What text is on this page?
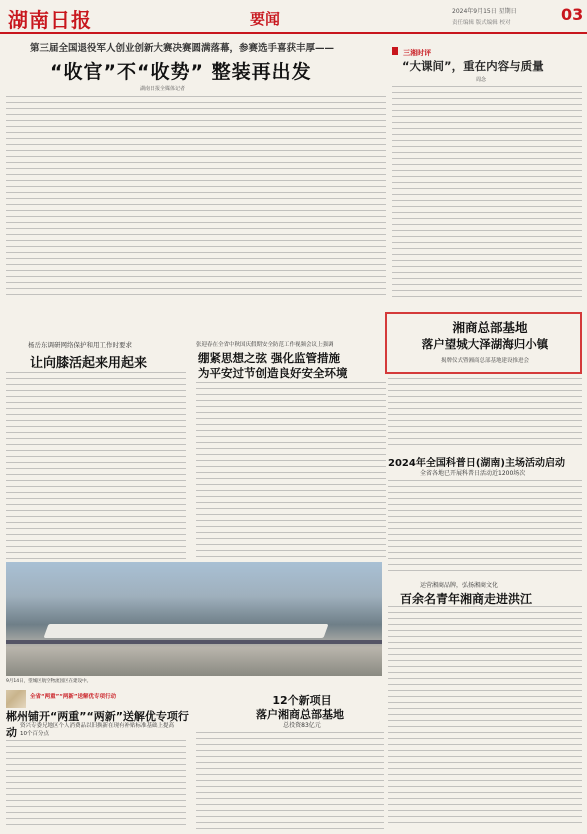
湖南日报	要闻	2024年9月15日 星期日
责任编辑 版式编辑 校对	03
第三届全国退役军人创业创新大赛决赛圆满落幕，参赛选手喜获丰厚——
“收官”不“收势” 整装再出发
湖南日报全媒体记者
三湘时评
“大课间”，重在内容与质量
周念
湘商总部基地
落户望城大泽湖海归小镇
揭牌仪式暨湘商总部基地建设推进会
杨岳东调研网络保护和用工作时要求
让向膝活起来用起来
张迎春在全省中秋国庆假期安全防范工作视频会议上强调
绷紧思想之弦 强化监管措施
为平安过节创造良好安全环境
2024年全国科普日(湖南)主场活动启动
全省各地已开展科普日活动近1200场次
9月14日，望城区航空物流园区在建设中。
运营湘商品牌，弘扬湘商文化
百余名青年湘商走进洪江
全省“两重”“两新”送解优专项行动
郴州铺开“两重”“两新”送解优专项行动 资兴专委兄地区个人消费品以旧换新在现有补贴标准基础上提高10个百分点
12个新项目
落户湘商总部基地
总投资83亿元
